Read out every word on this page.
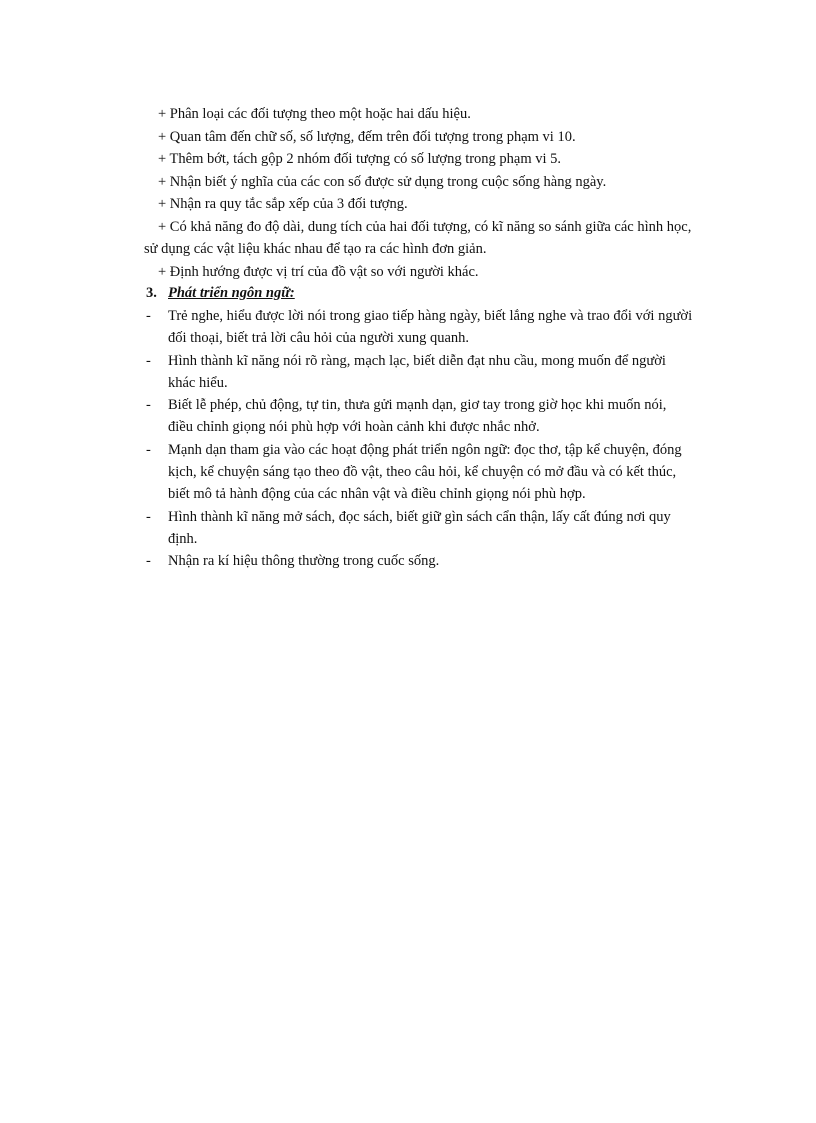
+ Phân loại các đối tượng theo một hoặc hai dấu hiệu.

+ Quan tâm đến chữ số, số lượng, đếm trên đối tượng trong phạm vi 10.

+ Thêm bớt, tách gộp 2 nhóm đối tượng có số lượng trong phạm vi 5.

+ Nhận biết ý nghĩa của các con số được sử dụng trong cuộc sống hàng ngày.

+ Nhận ra quy tắc sắp xếp của 3 đối tượng.

+ Có khả năng đo độ dài, dung tích của hai đối tượng, có kĩ năng so sánh giữa các hình học, sử dụng các vật liệu khác nhau để tạo ra các hình đơn giản.

+ Định hướng được vị trí của đồ vật so với người khác.

3. Phát triển ngôn ngữ:
- Trẻ nghe, hiểu được lời nói trong giao tiếp hàng ngày, biết lắng nghe và trao đổi với người đối thoại, biết trả lời câu hỏi của người xung quanh.
- Hình thành kĩ năng nói rõ ràng, mạch lạc, biết diễn đạt nhu cầu, mong muốn để người khác hiểu.
- Biết lễ phép, chủ động, tự tin, thưa gửi mạnh dạn, giơ tay trong giờ học khi muốn nói, điều chỉnh giọng nói phù hợp với hoàn cảnh khi được nhắc nhở.
- Mạnh dạn tham gia vào các hoạt động phát triển ngôn ngữ: đọc thơ, tập kể chuyện, đóng kịch, kể chuyện sáng tạo theo đồ vật, theo câu hỏi, kể chuyện có mở đầu và có kết thúc, biết mô tả hành động của các nhân vật và điều chỉnh giọng nói phù hợp.
- Hình thành kĩ năng mở sách, đọc sách, biết giữ gìn sách cẩn thận, lấy cất đúng nơi quy định.
- Nhận ra kí hiệu thông thường trong cuốc sống.
